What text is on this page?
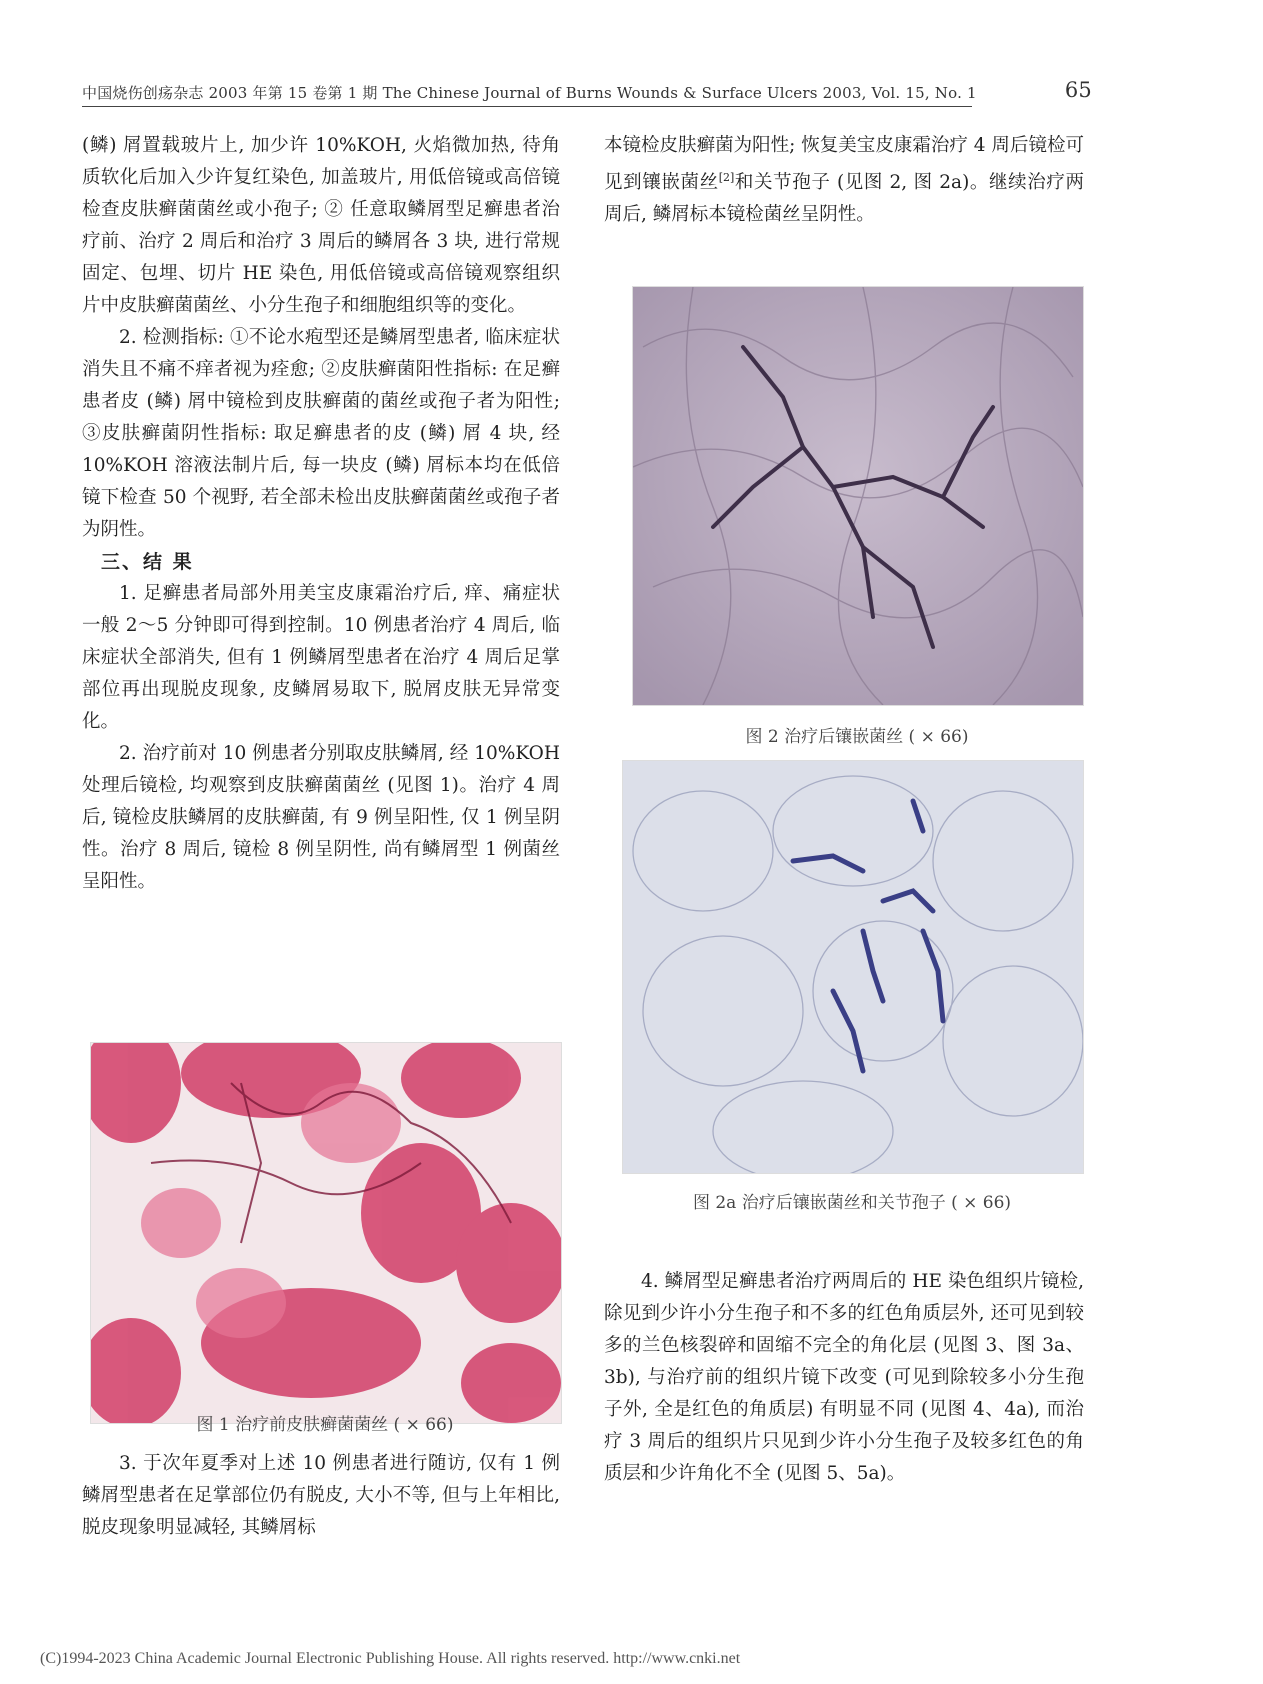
中国烧伤创疡杂志 2003 年第 15 卷第 1 期 The Chinese Journal of Burns Wounds & Surface Ulcers 2003, Vol. 15, No. 1	65

(鳞) 屑置载玻片上, 加少许 10%KOH, 火焰微加热, 待角质软化后加入少许复红染色, 加盖玻片, 用低倍镜或高倍镜检查皮肤癣菌菌丝或小孢子; ② 任意取鳞屑型足癣患者治疗前、治疗 2 周后和治疗 3 周后的鳞屑各 3 块, 进行常规固定、包埋、切片 HE 染色, 用低倍镜或高倍镜观察组织片中皮肤癣菌菌丝、小分生孢子和细胞组织等的变化。

2. 检测指标: ①不论水疱型还是鳞屑型患者, 临床症状消失且不痛不痒者视为痊愈; ②皮肤癣菌阳性指标: 在足癣患者皮 (鳞) 屑中镜检到皮肤癣菌的菌丝或孢子者为阳性; ③皮肤癣菌阴性指标: 取足癣患者的皮 (鳞) 屑 4 块, 经 10%KOH 溶液法制片后, 每一块皮 (鳞) 屑标本均在低倍镜下检查 50 个视野, 若全部未检出皮肤癣菌菌丝或孢子者为阴性。

三、结 果

1. 足癣患者局部外用美宝皮康霜治疗后, 痒、痛症状一般 2～5 分钟即可得到控制。10 例患者治疗 4 周后, 临床症状全部消失, 但有 1 例鳞屑型患者在治疗 4 周后足掌部位再出现脱皮现象, 皮鳞屑易取下, 脱屑皮肤无异常变化。

2. 治疗前对 10 例患者分别取皮肤鳞屑, 经 10%KOH 处理后镜检, 均观察到皮肤癣菌菌丝 (见图 1)。治疗 4 周后, 镜检皮肤鳞屑的皮肤癣菌, 有 9 例呈阳性, 仅 1 例呈阴性。治疗 8 周后, 镜检 8 例呈阴性, 尚有鳞屑型 1 例菌丝呈阳性。

本镜检皮肤癣菌为阳性; 恢复美宝皮康霜治疗 4 周后镜检可见到镶嵌菌丝[2]和关节孢子 (见图 2, 图 2a)。继续治疗两周后, 鳞屑标本镜检菌丝呈阴性。

图 2 治疗后镶嵌菌丝 ( × 66)
图 2a 治疗后镶嵌菌丝和关节孢子 ( × 66)

4. 鳞屑型足癣患者治疗两周后的 HE 染色组织片镜检, 除见到少许小分生孢子和不多的红色角质层外, 还可见到较多的兰色核裂碎和固缩不完全的角化层 (见图 3、图 3a、3b), 与治疗前的组织片镜下改变 (可见到除较多小分生孢子外, 全是红色的角质层) 有明显不同 (见图 4、4a), 而治疗 3 周后的组织片只见到少许小分生孢子及较多红色的角质层和少许角化不全 (见图 5、5a)。

图 1 治疗前皮肤癣菌菌丝 ( × 66)

3. 于次年夏季对上述 10 例患者进行随访, 仅有 1 例鳞屑型患者在足掌部位仍有脱皮, 大小不等, 但与上年相比, 脱皮现象明显减轻, 其鳞屑标

(C)1994-2023 China Academic Journal Electronic Publishing House. All rights reserved. http://www.cnki.net
